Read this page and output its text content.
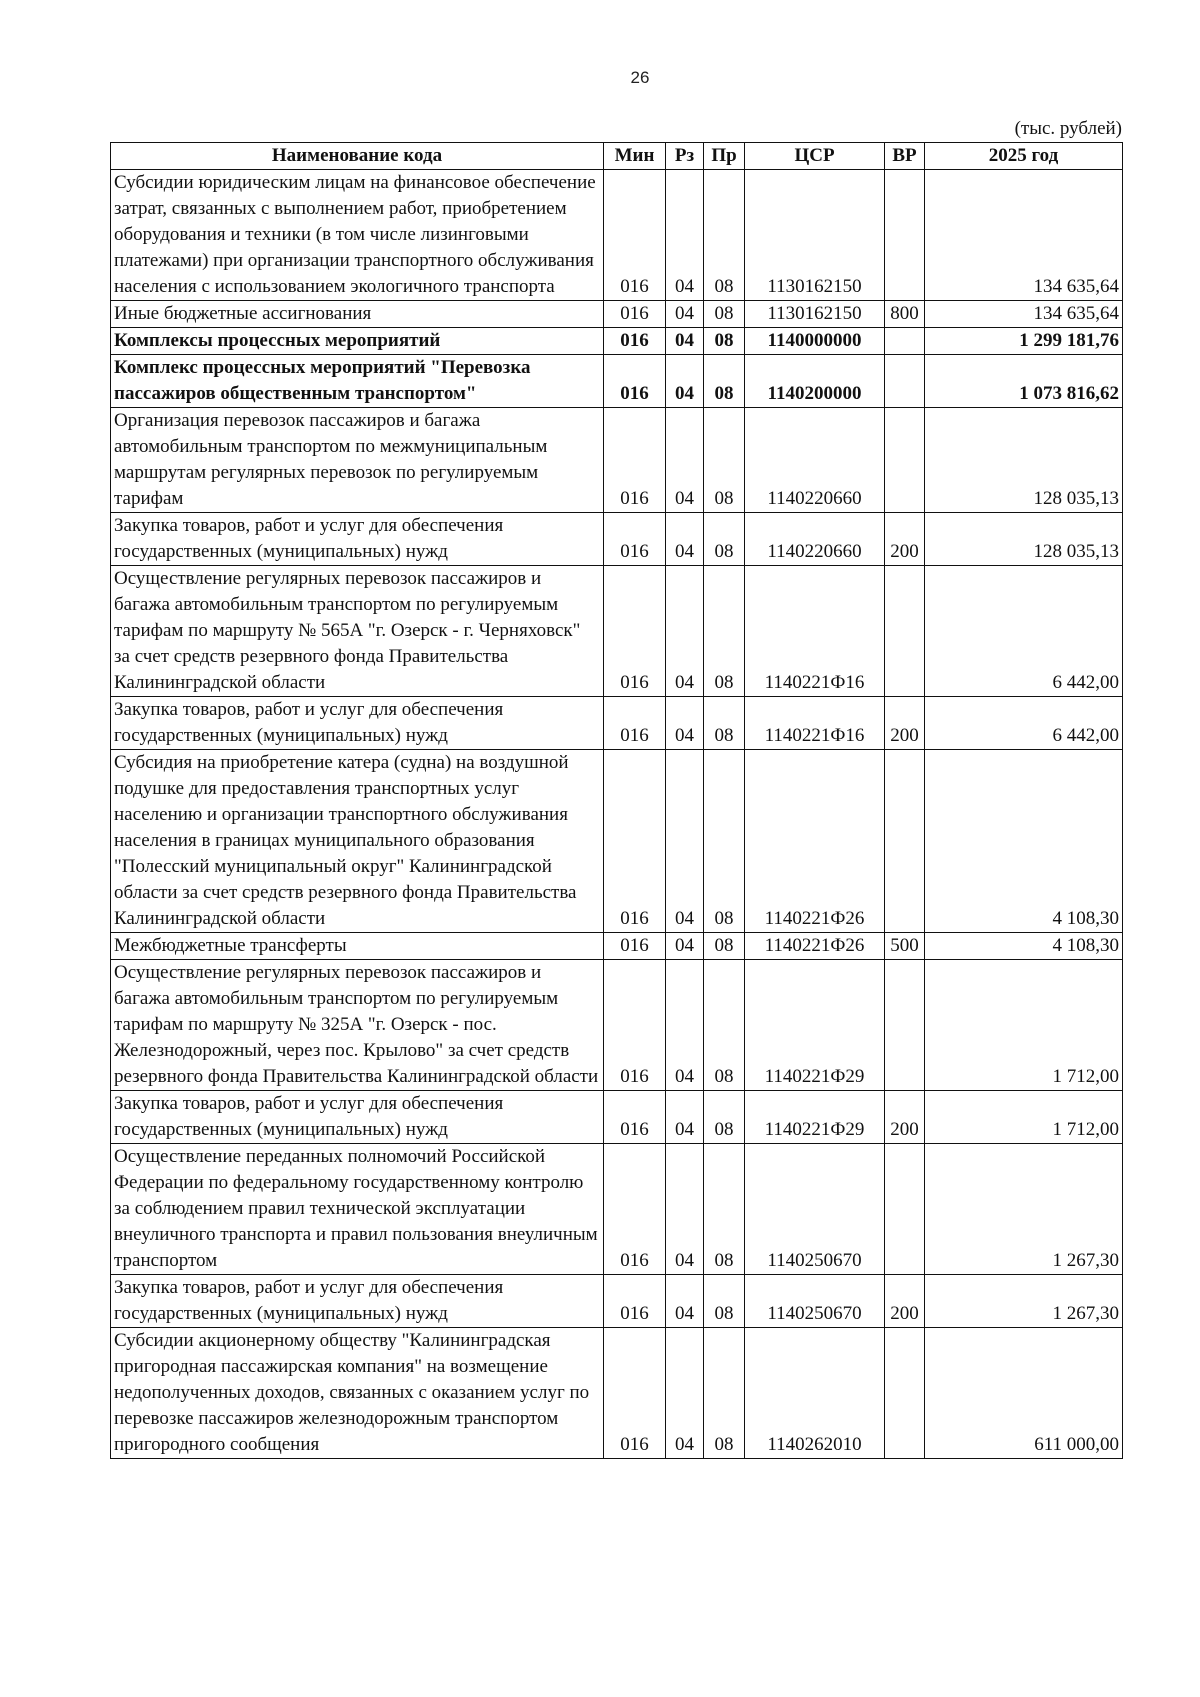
26
(тыс. рублей)
Наименование кода	Мин	Рз	Пр	ЦСР	ВР	2025 год
Субсидии юридическим лицам на финансовое обеспечение затрат, связанных с выполнением работ, приобретением оборудования и техники (в том числе лизинговыми платежами) при организации транспортного обслуживания населения с использованием экологичного транспорта	016	04	08	1130162150		134 635,64
Иные бюджетные ассигнования	016	04	08	1130162150	800	134 635,64
Комплексы процессных мероприятий	016	04	08	1140000000		1 299 181,76
Комплекс процессных мероприятий "Перевозка пассажиров общественным транспортом"	016	04	08	1140200000		1 073 816,62
Организация перевозок пассажиров и багажа автомобильным транспортом по межмуниципальным маршрутам регулярных перевозок по регулируемым тарифам	016	04	08	1140220660		128 035,13
Закупка товаров, работ и услуг для обеспечения государственных (муниципальных) нужд	016	04	08	1140220660	200	128 035,13
Осуществление регулярных перевозок пассажиров и багажа автомобильным транспортом по регулируемым тарифам по маршруту № 565А "г. Озерск - г. Черняховск" за счет средств резервного фонда Правительства Калининградской области	016	04	08	1140221Ф16		6 442,00
Закупка товаров, работ и услуг для обеспечения государственных (муниципальных) нужд	016	04	08	1140221Ф16	200	6 442,00
Субсидия на приобретение катера (судна) на воздушной подушке для предоставления транспортных услуг населению и организации транспортного обслуживания населения в границах муниципального образования "Полесский муниципальный округ" Калининградской области за счет средств резервного фонда Правительства Калининградской области	016	04	08	1140221Ф26		4 108,30
Межбюджетные трансферты	016	04	08	1140221Ф26	500	4 108,30
Осуществление регулярных перевозок пассажиров и багажа автомобильным транспортом по регулируемым тарифам по маршруту № 325А "г. Озерск - пос. Железнодорожный, через пос. Крылово" за счет средств резервного фонда Правительства Калининградской области	016	04	08	1140221Ф29		1 712,00
Закупка товаров, работ и услуг для обеспечения государственных (муниципальных) нужд	016	04	08	1140221Ф29	200	1 712,00
Осуществление переданных полномочий Российской Федерации по федеральному государственному контролю за соблюдением правил технической эксплуатации внеуличного транспорта и правил пользования внеуличным транспортом	016	04	08	1140250670		1 267,30
Закупка товаров, работ и услуг для обеспечения государственных (муниципальных) нужд	016	04	08	1140250670	200	1 267,30
Субсидии акционерному обществу "Калининградская пригородная пассажирская компания" на возмещение недополученных доходов, связанных с оказанием услуг по перевозке пассажиров железнодорожным транспортом пригородного сообщения	016	04	08	1140262010		611 000,00
